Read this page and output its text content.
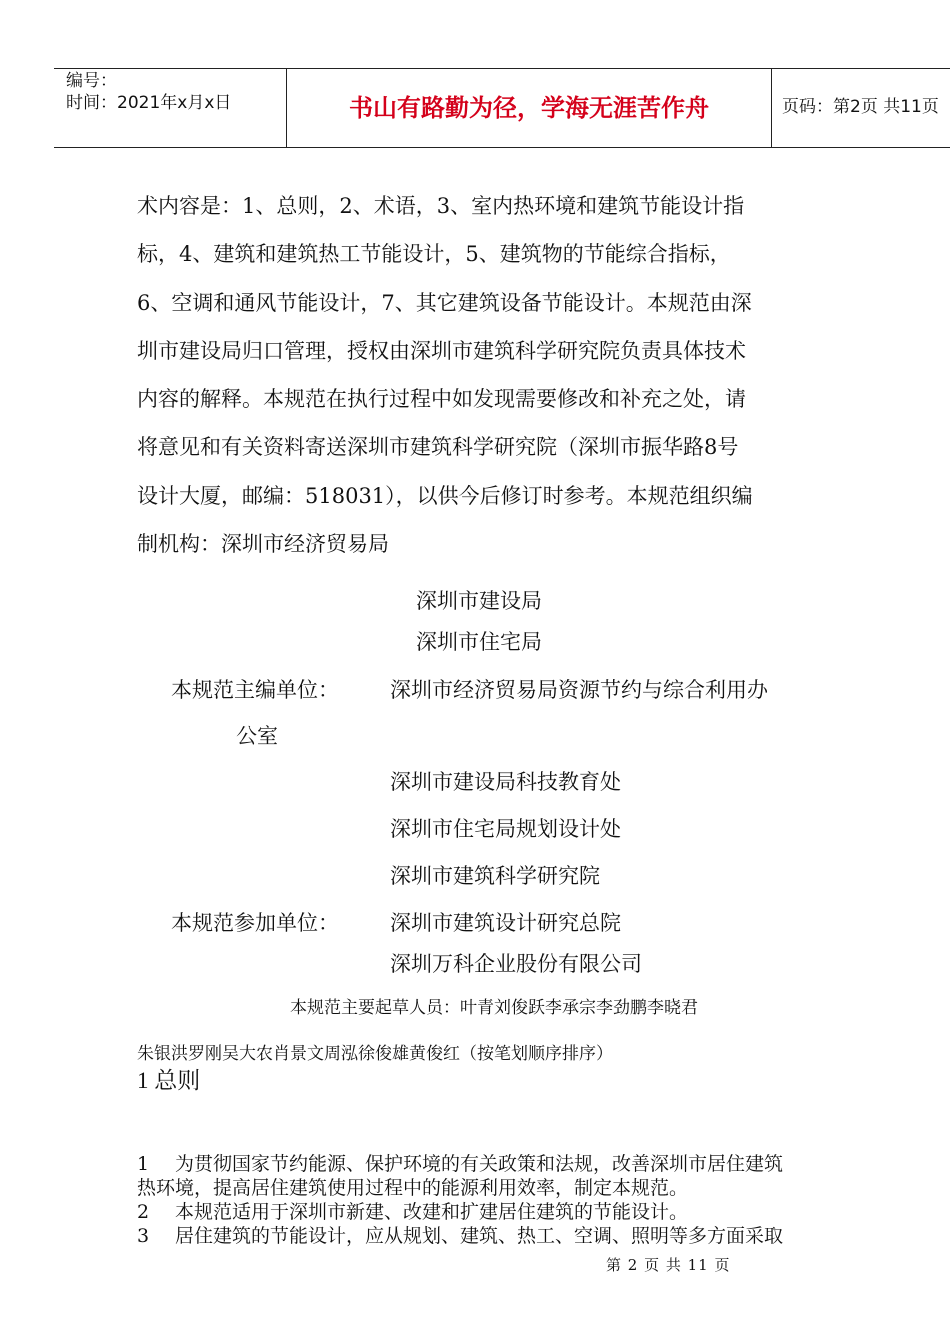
编号：
时间：2021年x月x日	书山有路勤为径，学海无涯苦作舟	页码：第2页 共11页
术内容是：1、总则，2、术语，3、室内热环境和建筑节能设计指
标，4、建筑和建筑热工节能设计，5、建筑物的节能综合指标，
6、空调和通风节能设计，7、其它建筑设备节能设计。本规范由深
圳市建设局归口管理，授权由深圳市建筑科学研究院负责具体技术
内容的解释。本规范在执行过程中如发现需要修改和补充之处，请
将意见和有关资料寄送深圳市建筑科学研究院（深圳市振华路8号
设计大厦，邮编：518031），以供今后修订时参考。本规范组织编
制机构：深圳市经济贸易局
深圳市建设局
深圳市住宅局
本规范主编单位： 深圳市经济贸易局资源节约与综合利用办
公室
深圳市建设局科技教育处
深圳市住宅局规划设计处
深圳市建筑科学研究院
本规范参加单位： 深圳市建筑设计研究总院
深圳万科企业股份有限公司
本规范主要起草人员：叶青刘俊跃李承宗李劲鹏李晓君
朱银洪罗刚吴大农肖景文周泓徐俊雄黄俊红（按笔划顺序排序）
1 总则
1 为贯彻国家节约能源、保护环境的有关政策和法规，改善深圳市居住建筑
热环境，提高居住建筑使用过程中的能源利用效率，制定本规范。
2 本规范适用于深圳市新建、改建和扩建居住建筑的节能设计。
3 居住建筑的节能设计，应从规划、建筑、热工、空调、照明等多方面采取
第 2 页 共 11 页
